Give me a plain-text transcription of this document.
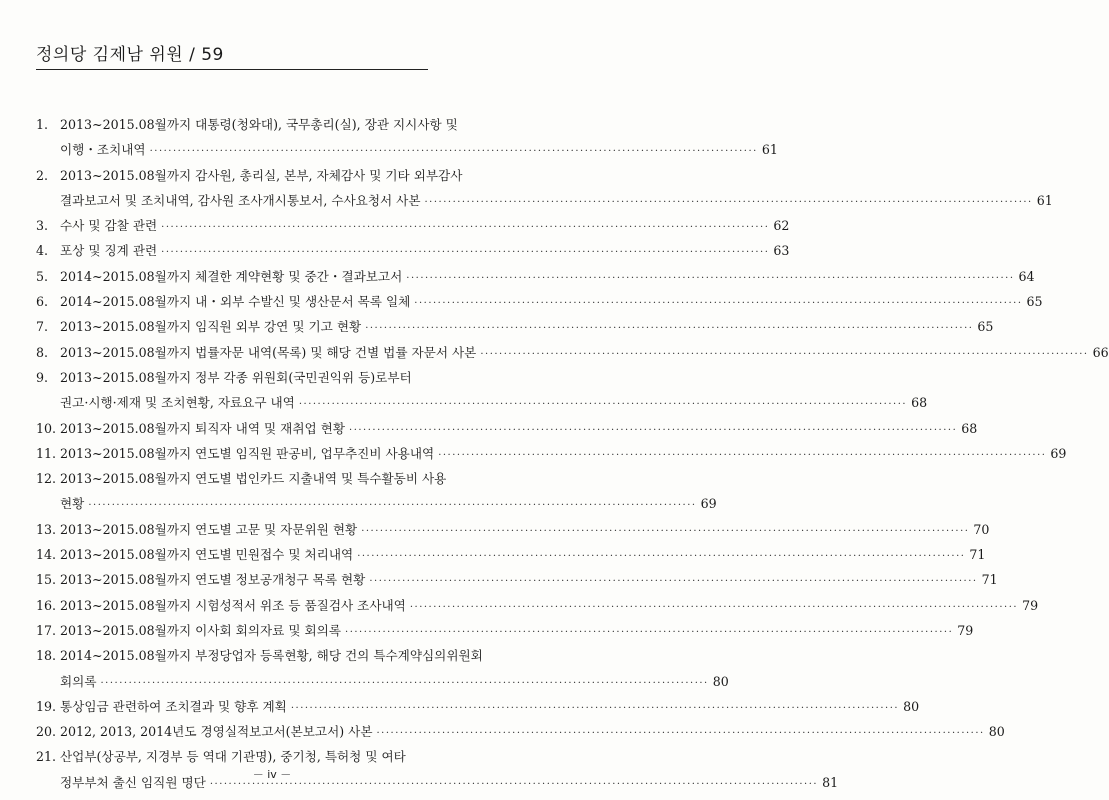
정의당 김제남 위원 / 59
1. 2013~2015.08월까지 대통령(청와대), 국무총리(실), 장관 지시사항 및
이행・조치내역 ·································································································································· 61
2. 2013~2015.08월까지 감사원, 총리실, 본부, 자체감사 및 기타 외부감사
결과보고서 및 조치내역, 감사원 조사개시통보서, 수사요청서 사본 ·································································································································· 61
3. 수사 및 감찰 관련 ·································································································································· 62
4. 포상 및 징계 관련 ·································································································································· 63
5. 2014~2015.08월까지 체결한 계약현황 및 중간・결과보고서 ·································································································································· 64
6. 2014~2015.08월까지 내・외부 수발신 및 생산문서 목록 일체 ·································································································································· 65
7. 2013~2015.08월까지 임직원 외부 강연 및 기고 현황 ·································································································································· 65
8. 2013~2015.08월까지 법률자문 내역(목록) 및 해당 건별 법률 자문서 사본 ·································································································································· 66
9. 2013~2015.08월까지 정부 각종 위원회(국민권익위 등)로부터
권고·시행·제재 및 조치현황, 자료요구 내역 ·································································································································· 68
10. 2013~2015.08월까지 퇴직자 내역 및 재취업 현황 ·································································································································· 68
11. 2013~2015.08월까지 연도별 임직원 판공비, 업무추진비 사용내역 ·································································································································· 69
12. 2013~2015.08월까지 연도별 법인카드 지출내역 및 특수활동비 사용
현황 ·································································································································· 69
13. 2013~2015.08월까지 연도별 고문 및 자문위원 현황 ·································································································································· 70
14. 2013~2015.08월까지 연도별 민원접수 및 처리내역 ·································································································································· 71
15. 2013~2015.08월까지 연도별 정보공개청구 목록 현황 ·································································································································· 71
16. 2013~2015.08월까지 시험성적서 위조 등 품질검사 조사내역 ·································································································································· 79
17. 2013~2015.08월까지 이사회 회의자료 및 회의록 ·································································································································· 79
18. 2014~2015.08월까지 부정당업자 등록현황, 해당 건의 특수계약심의위원회
회의록 ·································································································································· 80
19. 통상임금 관련하여 조치결과 및 향후 계획 ·································································································································· 80
20. 2012, 2013, 2014년도 경영실적보고서(본보고서) 사본 ·································································································································· 80
21. 산업부(상공부, 지경부 등 역대 기관명), 중기청, 특허청 및 여타
정부부처 출신 임직원 명단 ·································································································································· 81
－ iv －
